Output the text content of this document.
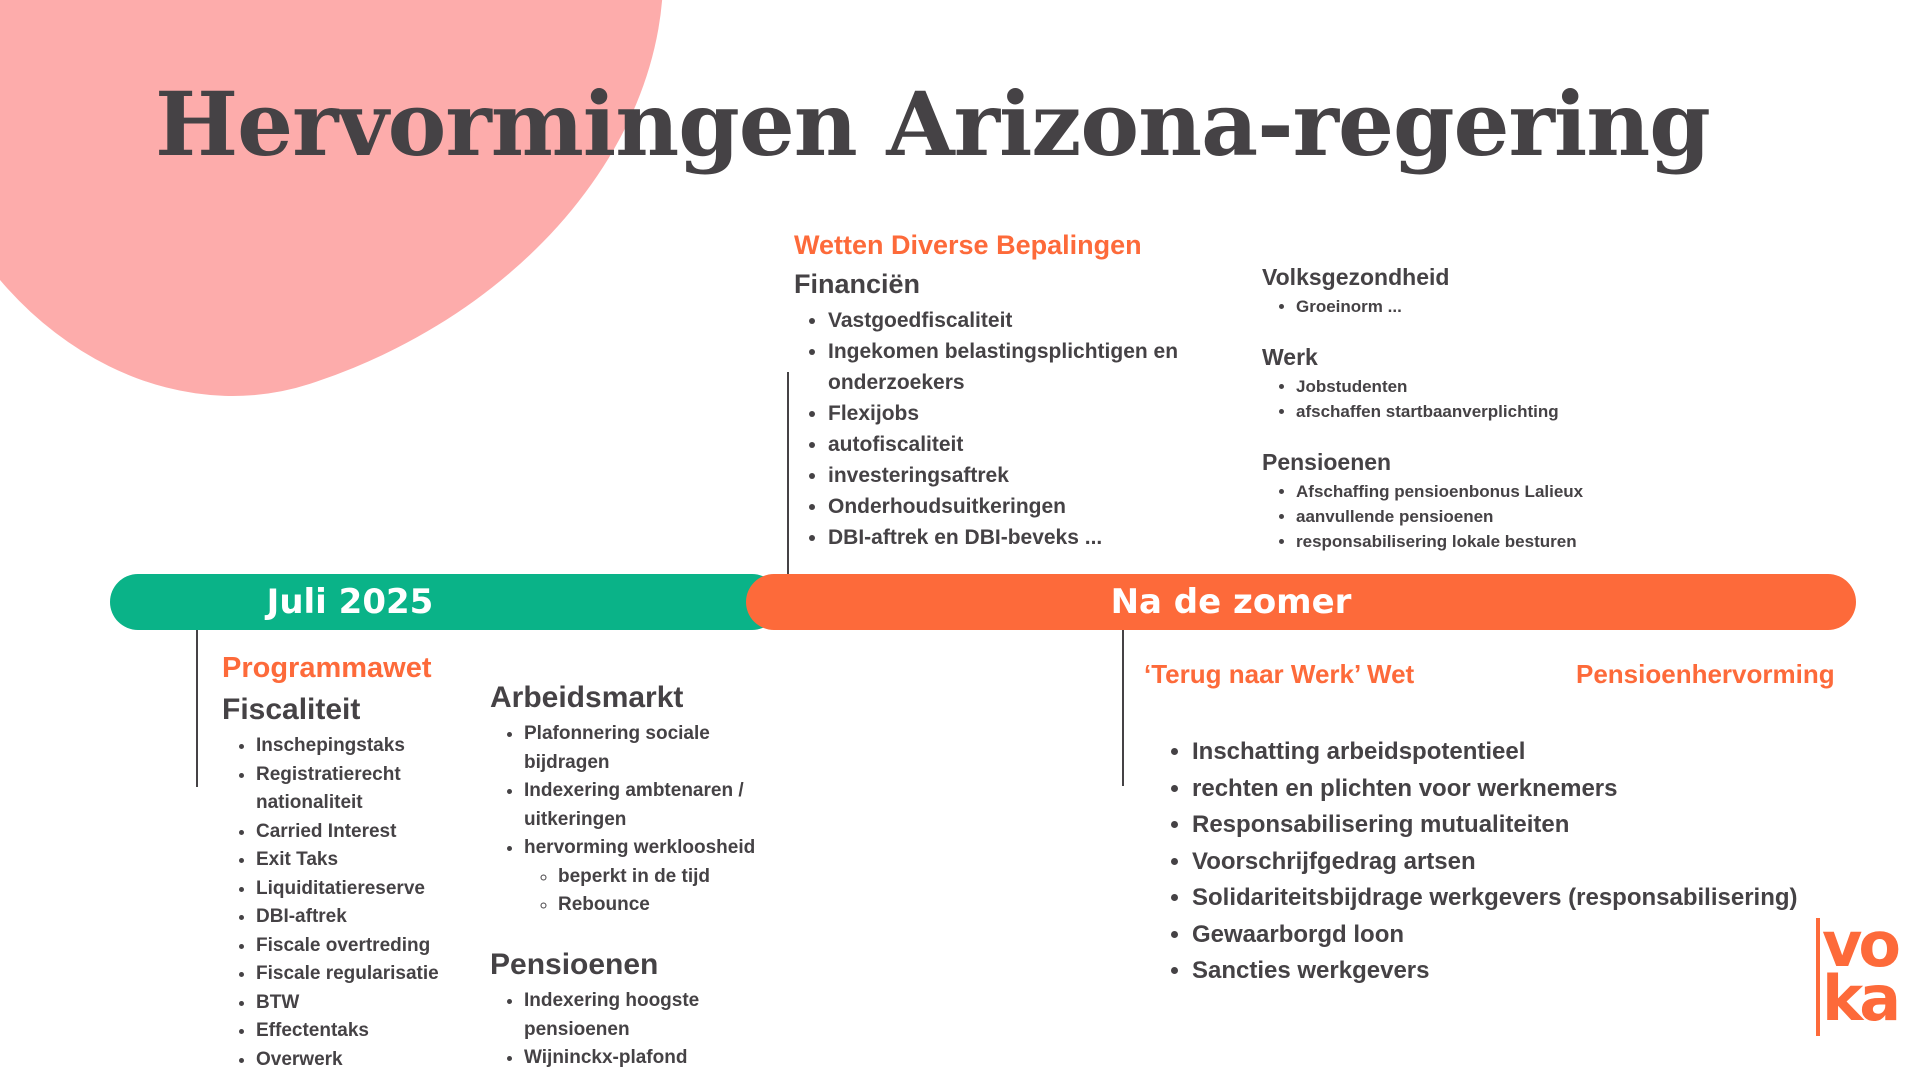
Hervormingen Arizona-regering
Juli 2025	Na de zomer
Wetten Diverse Bepalingen
Financiën
• Vastgoedfiscaliteit
• Ingekomen belastingsplichtigen en onderzoekers
• Flexijobs
• autofiscaliteit
• investeringsaftrek
• Onderhoudsuitkeringen
• DBI-aftrek en DBI-beveks ...
Volksgezondheid
• Groeinorm ...
Werk
• Jobstudenten
• afschaffen startbaanverplichting
Pensioenen
• Afschaffing pensioenbonus Lalieux
• aanvullende pensioenen
• responsabilisering lokale besturen
Programmawet
Fiscaliteit
• Inschepingstaks
• Registratierecht nationaliteit
• Carried Interest
• Exit Taks
• Liquiditatiereserve
• DBI-aftrek
• Fiscale overtreding
• Fiscale regularisatie
• BTW
• Effectentaks
• Overwerk
Arbeidsmarkt
• Plafonnering sociale bijdragen
• Indexering ambtenaren / uitkeringen
• hervorming werkloosheid
◦ beperkt in de tijd
◦ Rebounce
Pensioenen
• Indexering hoogste pensioenen
• Wijninckx-plafond
‘Terug naar Werk’ Wet	Pensioenhervorming
• Inschatting arbeidspotentieel
• rechten en plichten voor werknemers
• Responsabilisering mutualiteiten
• Voorschrijfgedrag artsen
• Solidariteitsbijdrage werkgevers (responsabilisering)
• Gewaarborgd loon
• Sancties werkgevers	vo
ka
